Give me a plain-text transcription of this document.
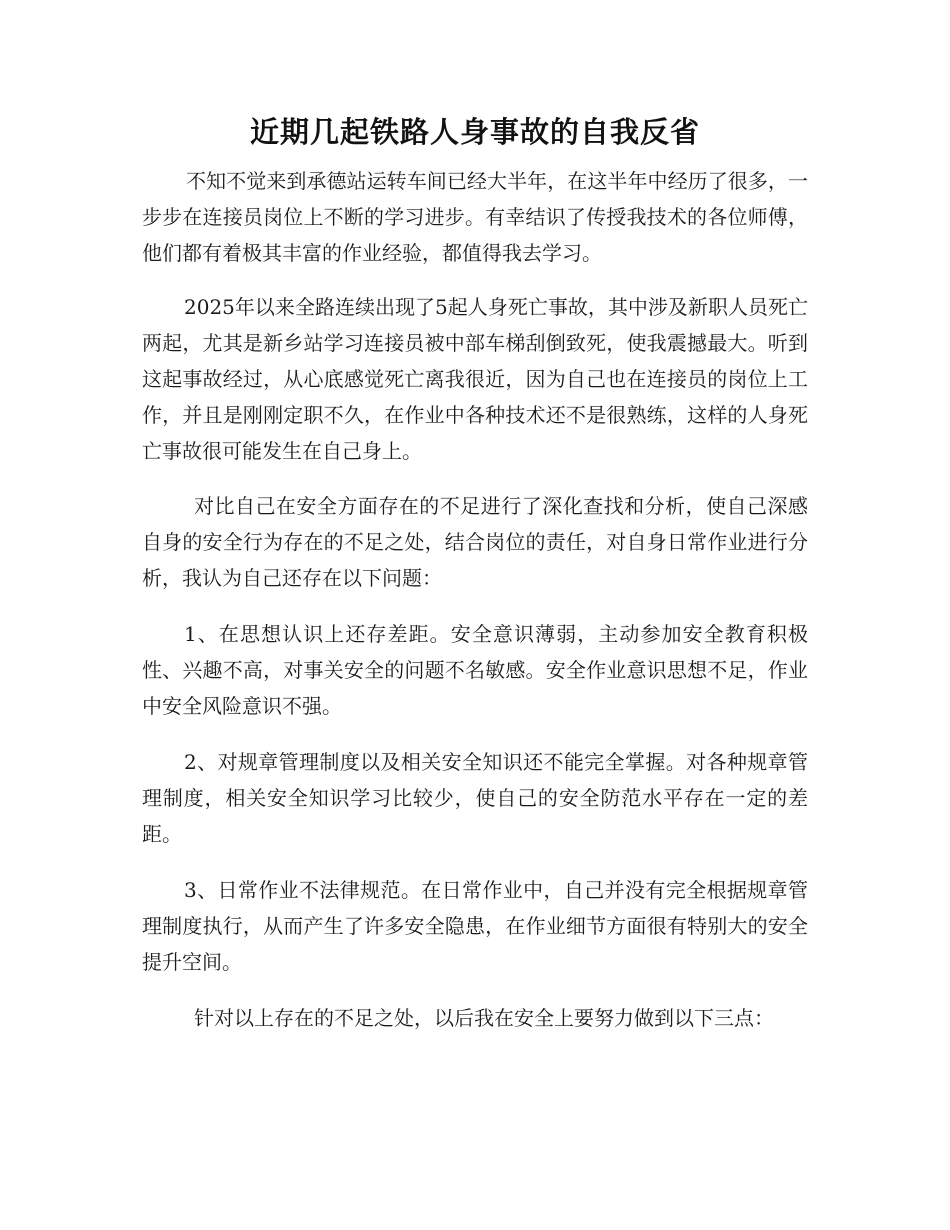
近期几起铁路人身事故的自我反省

不知不觉来到承德站运转车间已经大半年，在这半年中经历了很多，一步步在连接员岗位上不断的学习进步。有幸结识了传授我技术的各位师傅，他们都有着极其丰富的作业经验，都值得我去学习。

2025年以来全路连续出现了5起人身死亡事故，其中涉及新职人员死亡两起，尤其是新乡站学习连接员被中部车梯刮倒致死，使我震撼最大。听到这起事故经过，从心底感觉死亡离我很近，因为自己也在连接员的岗位上工作，并且是刚刚定职不久，在作业中各种技术还不是很熟练，这样的人身死亡事故很可能发生在自己身上。

对比自己在安全方面存在的不足进行了深化查找和分析，使自己深感自身的安全行为存在的不足之处，结合岗位的责任，对自身日常作业进行分析，我认为自己还存在以下问题：

1、在思想认识上还存差距。安全意识薄弱，主动参加安全教育积极性、兴趣不高，对事关安全的问题不名敏感。安全作业意识思想不足，作业中安全风险意识不强。

2、对规章管理制度以及相关安全知识还不能完全掌握。对各种规章管理制度，相关安全知识学习比较少，使自己的安全防范水平存在一定的差距。

3、日常作业不法律规范。在日常作业中，自己并没有完全根据规章管理制度执行，从而产生了许多安全隐患，在作业细节方面很有特别大的安全提升空间。

针对以上存在的不足之处，以后我在安全上要努力做到以下三点：
